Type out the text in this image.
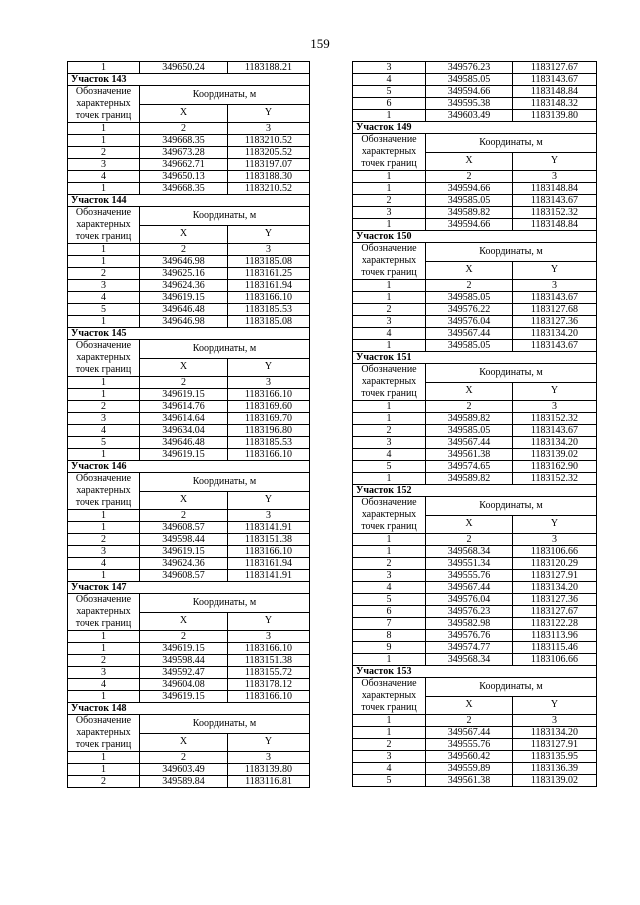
159
1	349650.24	1183188.21
Участок 143		
Обозначение
характерных
точек границ	Координаты, м	
	X	Y

1	2	3
1	349668.35	1183210.52
2	349673.28	1183205.52
3	349662.71	1183197.07
4	349650.13	1183188.30
1	349668.35	1183210.52
Участок 144		
Обозначение
характерных
точек границ	Координаты, м	
	X	Y

1	2	3
1	349646.98	1183185.08
2	349625.16	1183161.25
3	349624.36	1183161.94
4	349619.15	1183166.10
5	349646.48	1183185.53
1	349646.98	1183185.08
Участок 145		
Обозначение
характерных
точек границ	Координаты, м	
	X	Y

1	2	3
1	349619.15	1183166.10
2	349614.76	1183169.60
3	349614.64	1183169.70
4	349634.04	1183196.80
5	349646.48	1183185.53
1	349619.15	1183166.10
Участок 146		
Обозначение
характерных
точек границ	Координаты, м	
	X	Y

1	2	3
1	349608.57	1183141.91
2	349598.44	1183151.38
3	349619.15	1183166.10
4	349624.36	1183161.94
1	349608.57	1183141.91
Участок 147		
Обозначение
характерных
точек границ	Координаты, м	
	X	Y

1	2	3
1	349619.15	1183166.10
2	349598.44	1183151.38
3	349592.47	1183155.72
4	349604.08	1183178.12
1	349619.15	1183166.10
Участок 148		
Обозначение
характерных
точек границ	Координаты, м	
	X	Y

1	2	3
1	349603.49	1183139.80
2	349589.84	1183116.81
3	349576.23	1183127.67
4	349585.05	1183143.67
5	349594.66	1183148.84
6	349595.38	1183148.32
1	349603.49	1183139.80
Участок 149		
Обозначение
характерных
точек границ	Координаты, м	
	X	Y

1	2	3
1	349594.66	1183148.84
2	349585.05	1183143.67
3	349589.82	1183152.32
1	349594.66	1183148.84
Участок 150		
Обозначение
характерных
точек границ	Координаты, м	
	X	Y

1	2	3
1	349585.05	1183143.67
2	349576.22	1183127.68
3	349576.04	1183127.36
4	349567.44	1183134.20
1	349585.05	1183143.67
Участок 151		
Обозначение
характерных
точек границ	Координаты, м	
	X	Y

1	2	3
1	349589.82	1183152.32
2	349585.05	1183143.67
3	349567.44	1183134.20
4	349561.38	1183139.02
5	349574.65	1183162.90
1	349589.82	1183152.32
Участок 152		
Обозначение
характерных
точек границ	Координаты, м	
	X	Y

1	2	3
1	349568.34	1183106.66
2	349551.34	1183120.29
3	349555.76	1183127.91
4	349567.44	1183134.20
5	349576.04	1183127.36
6	349576.23	1183127.67
7	349582.98	1183122.28
8	349576.76	1183113.96
9	349574.77	1183115.46
1	349568.34	1183106.66
Участок 153		
Обозначение
характерных
точек границ	Координаты, м	
	X	Y

1	2	3
1	349567.44	1183134.20
2	349555.76	1183127.91
3	349560.42	1183135.95
4	349559.89	1183136.39
5	349561.38	1183139.02
